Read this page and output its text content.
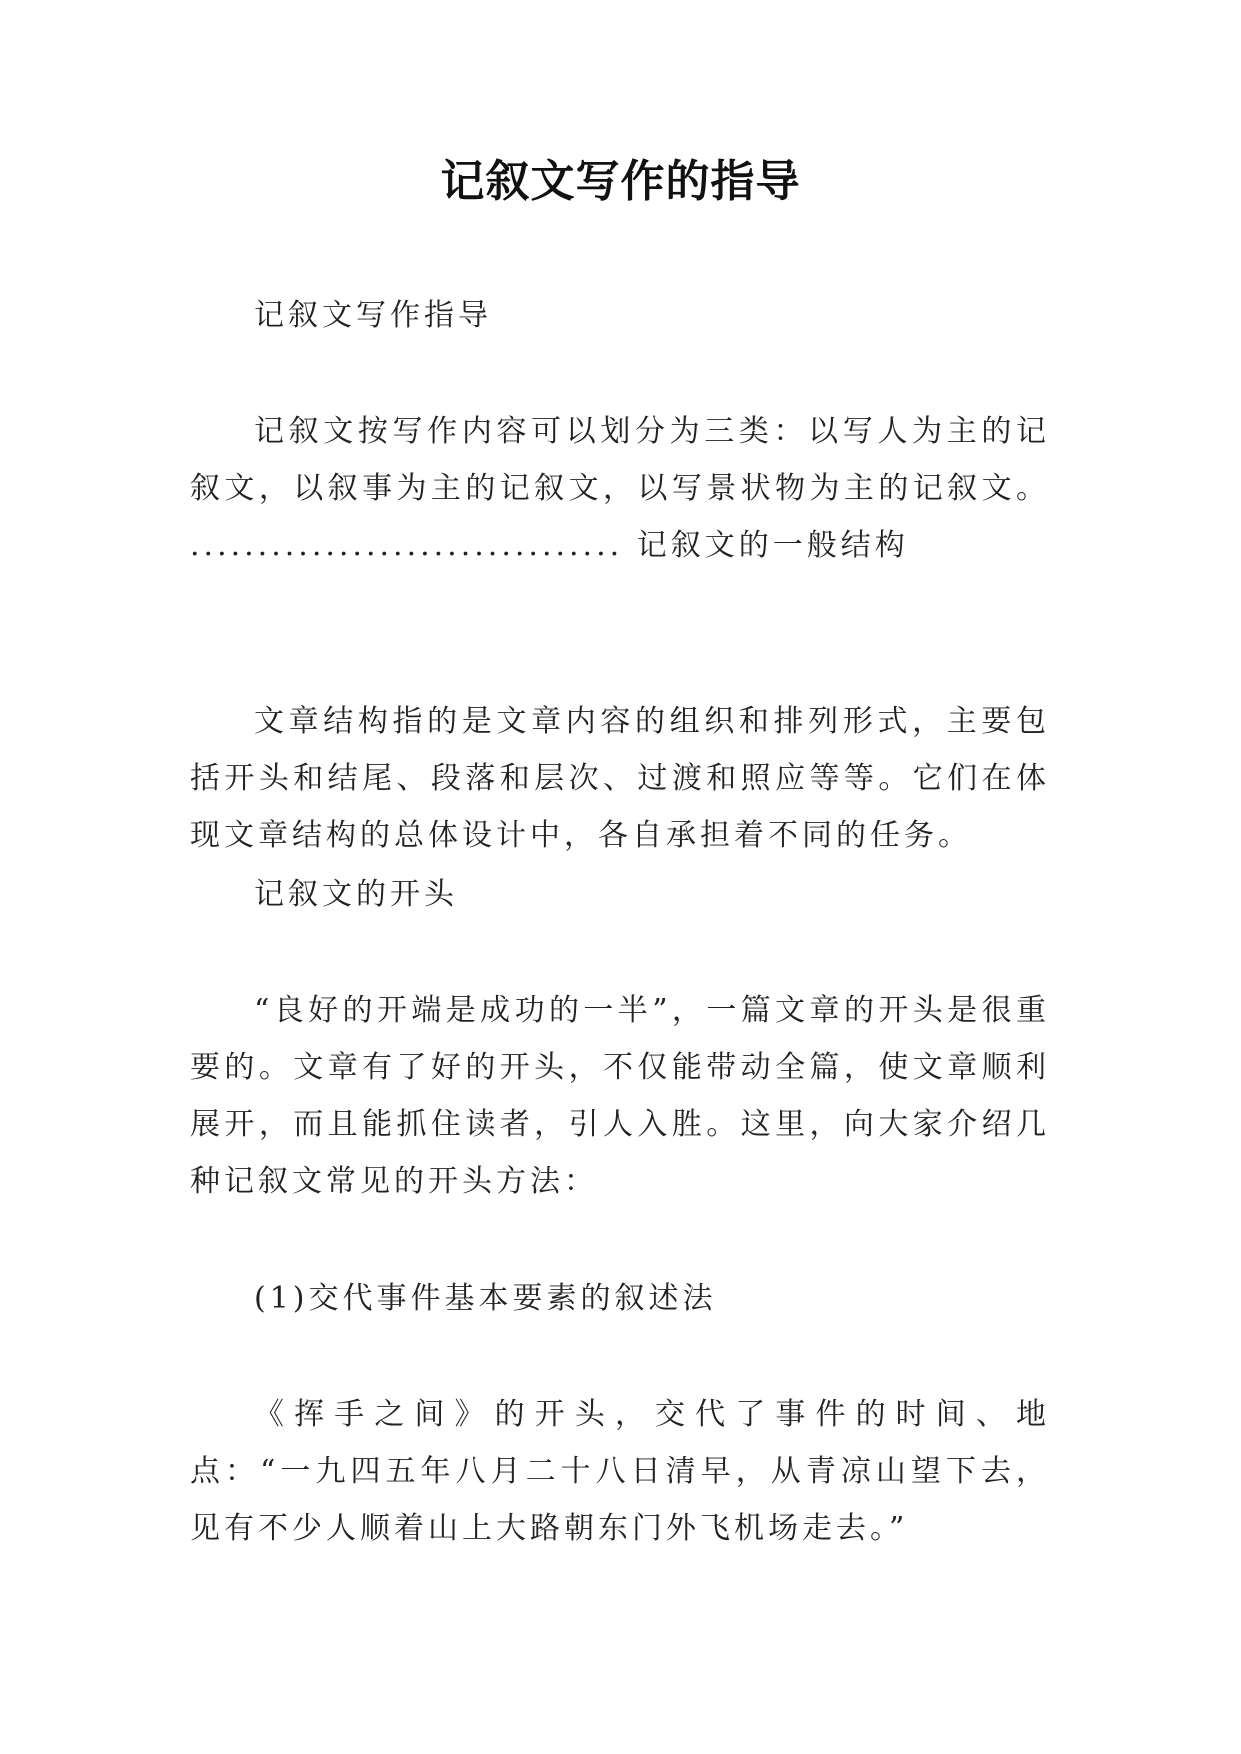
记叙文写作的指导

记叙文写作指导

记叙文按写作内容可以划分为三类：以写人为主的记叙文，以叙事为主的记叙文，以写景状物为主的记叙文。 ................................ 记叙文的一般结构

文章结构指的是文章内容的组织和排列形式，主要包括开头和结尾、段落和层次、过渡和照应等等。它们在体现文章结构的总体设计中，各自承担着不同的任务。

记叙文的开头

“良好的开端是成功的一半”，一篇文章的开头是很重要的。文章有了好的开头，不仅能带动全篇，使文章顺利展开，而且能抓住读者，引人入胜。这里，向大家介绍几种记叙文常见的开头方法：

(1)交代事件基本要素的叙述法

《挥手之间》的开头，交代了事件的时间、地点：“一九四五年八月二十八日清早，从青凉山望下去，见有不少人顺着山上大路朝东门外飞机场走去。”
